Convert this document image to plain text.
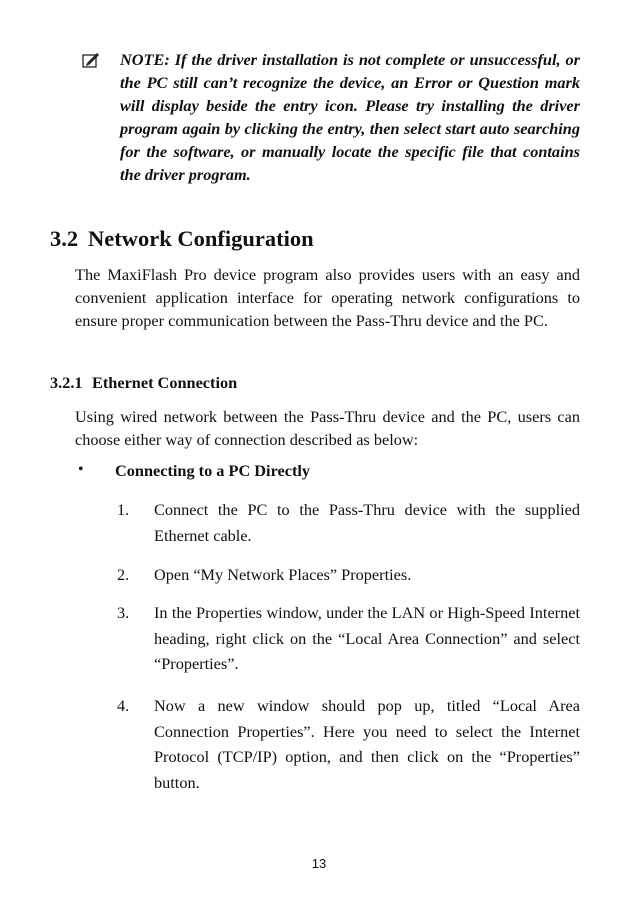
NOTE: If the driver installation is not complete or unsuccessful, or the PC still can’t recognize the device, an Error or Question mark will display beside the entry icon. Please try installing the driver program again by clicking the entry, then select start auto searching for the software, or manually locate the specific file that contains the driver program.
3.2 Network Configuration
The MaxiFlash Pro device program also provides users with an easy and convenient application interface for operating network configurations to ensure proper communication between the Pass-Thru device and the PC.
3.2.1 Ethernet Connection
Using wired network between the Pass-Thru device and the PC, users can choose either way of connection described as below:
• Connecting to a PC Directly
1. Connect the PC to the Pass-Thru device with the supplied Ethernet cable.
2. Open “My Network Places” Properties.
3. In the Properties window, under the LAN or High-Speed Internet heading, right click on the “Local Area Connection” and select “Properties”.
4. Now a new window should pop up, titled “Local Area Connection Properties”. Here you need to select the Internet Protocol (TCP/IP) option, and then click on the “Properties” button.
13
